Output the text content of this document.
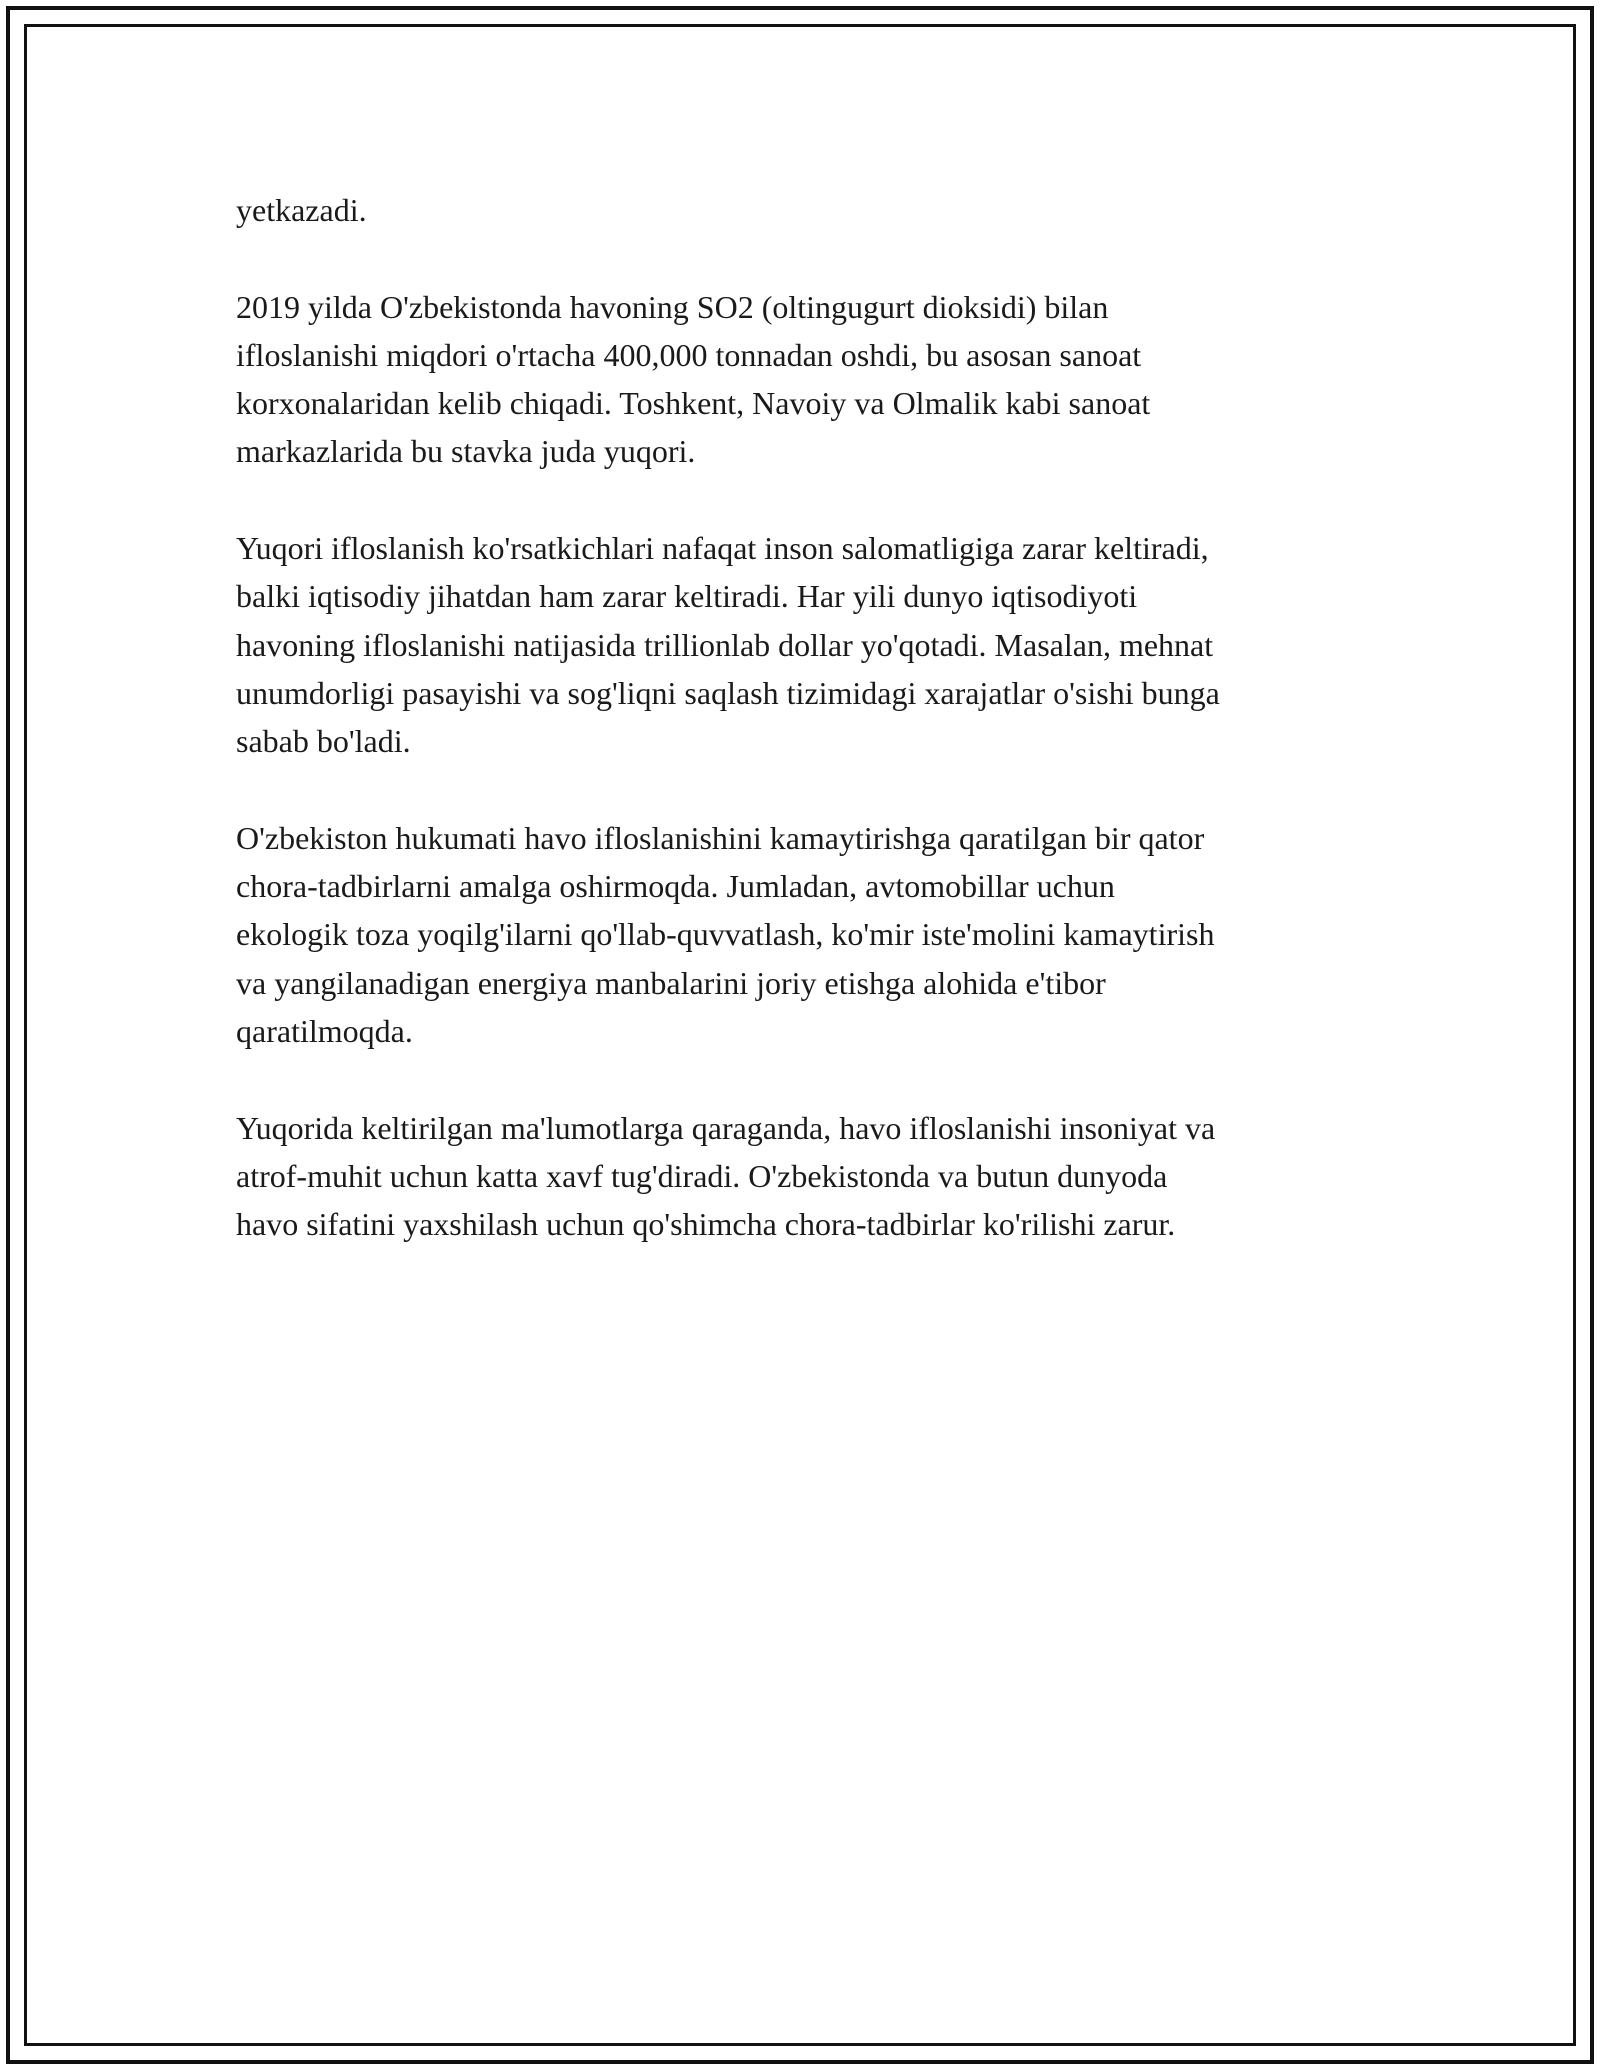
yetkazadi.

2019 yilda O'zbekistonda havoning SO2 (oltingugurt dioksidi) bilan
ifloslanishi miqdori o'rtacha 400,000 tonnadan oshdi, bu asosan sanoat
korxonalaridan kelib chiqadi. Toshkent, Navoiy va Olmalik kabi sanoat
markazlarida bu stavka juda yuqori.

Yuqori ifloslanish ko'rsatkichlari nafaqat inson salomatligiga zarar keltiradi,
balki iqtisodiy jihatdan ham zarar keltiradi. Har yili dunyo iqtisodiyoti
havoning ifloslanishi natijasida trillionlab dollar yo'qotadi. Masalan, mehnat
unumdorligi pasayishi va sog'liqni saqlash tizimidagi xarajatlar o'sishi bunga
sabab bo'ladi.

O'zbekiston hukumati havo ifloslanishini kamaytirishga qaratilgan bir qator
chora-tadbirlarni amalga oshirmoqda. Jumladan, avtomobillar uchun
ekologik toza yoqilg'ilarni qo'llab-quvvatlash, ko'mir iste'molini kamaytirish
va yangilanadigan energiya manbalarini joriy etishga alohida e'tibor
qaratilmoqda.

Yuqorida keltirilgan ma'lumotlarga qaraganda, havo ifloslanishi insoniyat va
atrof-muhit uchun katta xavf tug'diradi. O'zbekistonda va butun dunyoda
havo sifatini yaxshilash uchun qo'shimcha chora-tadbirlar ko'rilishi zarur.
